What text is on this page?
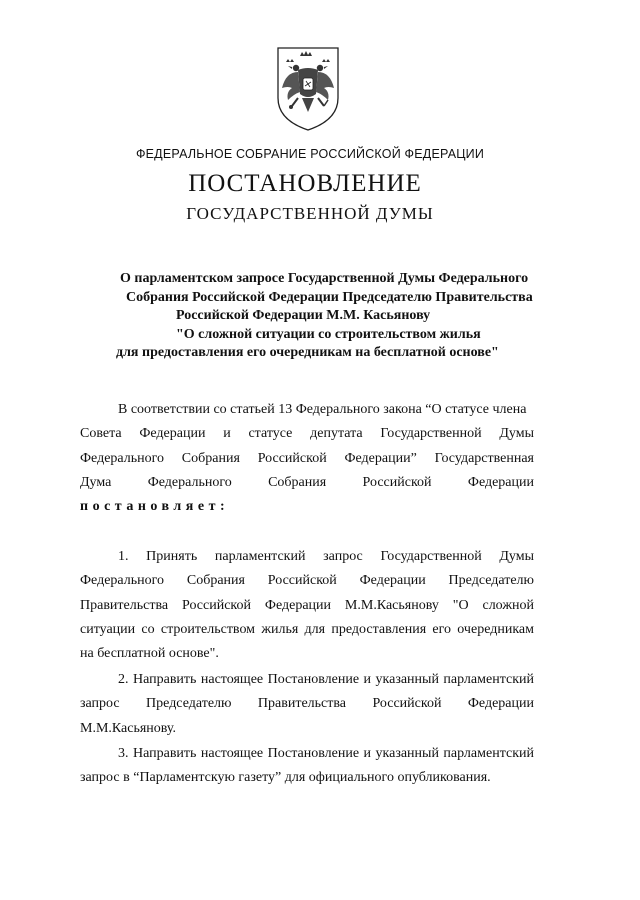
ФЕДЕРАЛЬНОЕ СОБРАНИЕ РОССИЙСКОЙ ФЕДЕРАЦИИ
ПОСТАНОВЛЕНИЕ
ГОСУДАРСТВЕННОЙ ДУМЫ
О парламентском запросе Государственной Думы Федерального
Собрания Российской Федерации Председателю Правительства
Российской Федерации М.М. Касьянову
"О сложной ситуации со строительством жилья
для предоставления его очередникам на бесплатной основе"
В соответствии со статьей 13 Федерального закона “О статусе члена
Совета Федерации и статусе депутата Государственной Думы
Федерального Собрания Российской Федерации” Государственная
Дума Федерального Собрания Российской Федерации
постановляет:
1. Принять парламентский запрос Государственной Думы
Федерального Собрания Российской Федерации Председателю
Правительства Российской Федерации М.М.Касьянову "О сложной
ситуации со строительством жилья для предоставления его очередникам
на бесплатной основе".
2. Направить настоящее Постановление и указанный парламентский
запрос Председателю Правительства Российской Федерации
М.М.Касьянову.
3. Направить настоящее Постановление и указанный парламентский
запрос в “Парламентскую газету” для официального опубликования.
